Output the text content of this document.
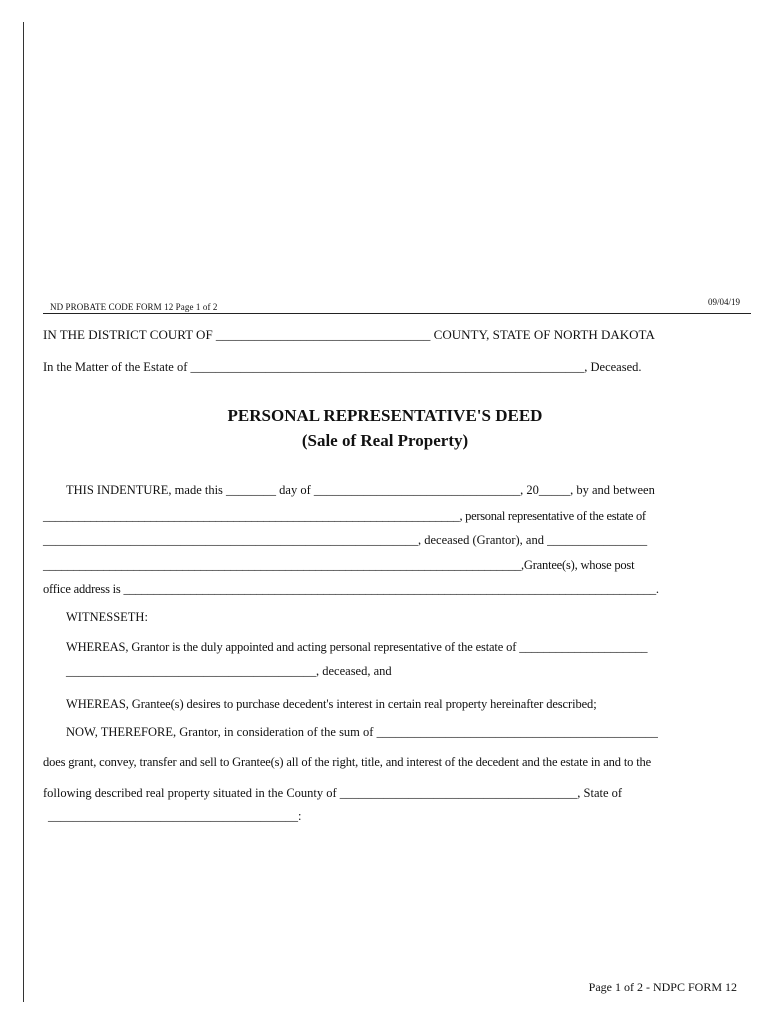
ND PROBATE CODE FORM 12 Page 1 of 2	09/04/19
IN THE DISTRICT COURT OF _________________________________ COUNTY, STATE OF NORTH DAKOTA
In the Matter of the Estate of _______________________________________________________________, Deceased.
PERSONAL REPRESENTATIVE'S DEED
(Sale of Real Property)
THIS INDENTURE, made this ________ day of _________________________________, 20_____, by and between
______________________________________________________________________, personal representative of the estate of
____________________________________________________________, deceased (Grantor), and ________________
_______________________________________________________________________________,Grantee(s), whose post
office address is ________________________________________________________________________________________.
WITNESSETH:
WHEREAS, Grantor is the duly appointed and acting personal representative of the estate of _____________________
________________________________________, deceased, and
WHEREAS, Grantee(s) desires to purchase decedent's interest in certain real property hereinafter described;
NOW, THEREFORE, Grantor, in consideration of the sum of _____________________________________________
does grant, convey, transfer and sell to Grantee(s) all of the right, title, and interest of the decedent and the estate in and to the
following described real property situated in the County of ______________________________________, State of
________________________________________:
Page 1 of 2 - NDPC FORM 12
